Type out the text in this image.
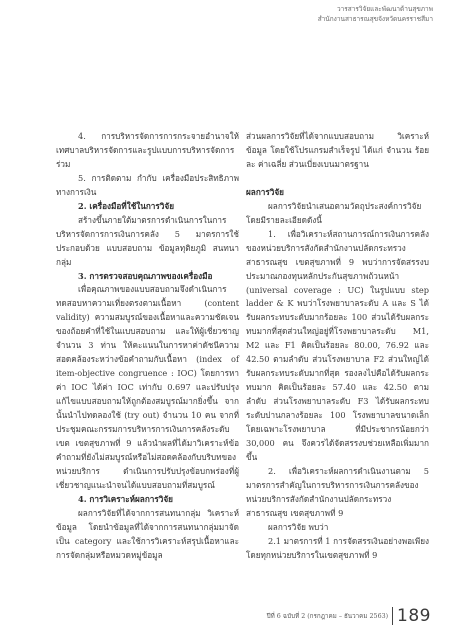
วารสารวิจัยและพัฒนาด้านสุขภาพ
สำนักงานสาธารณสุขจังหวัดนครราชสีมา

4. การบริหารจัดการการกระจายอำนาจให้เทศบาลบริหารจัดการและรูปแบบการบริหารจัดการร่วม

5. การติดตาม กำกับ เครื่องมือประสิทธิภาพทางการเงิน

2. เครื่องมือที่ใช้ในการวิจัย

สร้างขึ้นภายใต้มาตรการดำเนินการในการบริหารจัดการการเงินการคลัง 5 มาตรการใช้ประกอบด้วย แบบสอบถาม ข้อมูลทุติยภูมิ สนทนากลุ่ม

3. การตรวจสอบคุณภาพของเครื่องมือ

เพื่อคุณภาพของแบบสอบถามจึงดำเนินการทดสอบหาความเที่ยงตรงตามเนื้อหา (content validity) ความสมบูรณ์ของเนื้อหาและความชัดเจนของถ้อยคำที่ใช้ในแบบสอบถาม และให้ผู้เชี่ยวชาญจำนวน 3 ท่าน ให้คะแนนในการหาค่าดัชนีความสอดคล้องระหว่างข้อคำถามกับเนื้อหา (index of item-objective congruence : IOC) โดยการหาค่า IOC ได้ค่า IOC เท่ากับ 0.697 และปรับปรุงแก้ไขแบบสอบถามให้ถูกต้องสมบูรณ์มากยิ่งขึ้น จากนั้นนำไปทดลองใช้ (try out) จำนวน 10 คน จากที่ประชุมคณะกรรมการบริหารการเงินการคลังระดับเขต เขตสุขภาพที่ 9 แล้วนำผลที่ได้มาวิเคราะห์ข้อคำถามที่ยังไม่สมบูรณ์หรือไม่สอดคล้องกับบริบทของหน่วยบริการ ดำเนินการปรับปรุงข้อบกพร่องที่ผู้เชี่ยวชาญแนะนำจนได้แบบสอบถามที่สมบูรณ์

4. การวิเคราะห์ผลการวิจัย

ผลการวิจัยที่ได้จากการสนทนากลุ่ม วิเคราะห์ข้อมูล โดยนำข้อมูลที่ได้จากการสนทนากลุ่มมาจัดเป็น category และใช้การวิเคราะห์สรุปเนื้อหาและการจัดกลุ่มหรือหมวดหมู่ข้อมูล

ส่วนผลการวิจัยที่ได้จากแบบสอบถาม วิเคราะห์ข้อมูล โดยใช้โปรแกรมสำเร็จรูป ได้แก่ จำนวน ร้อยละ ค่าเฉลี่ย ส่วนเบี่ยงเบนมาตรฐาน

ผลการวิจัย

ผลการวิจัยนำเสนอตามวัตถุประสงค์การวิจัย โดยมีรายละเอียดดังนี้

1. เพื่อวิเคราะห์สถานการณ์การเงินการคลังของหน่วยบริการสังกัดสำนักงานปลัดกระทรวงสาธารณสุข เขตสุขภาพที่ 9 พบว่าการจัดสรรงบประมาณกองทุนหลักประกันสุขภาพถ้วนหน้า (universal coverage : UC) ในรูปแบบ step ladder & K พบว่าโรงพยาบาลระดับ A และ S ได้รับผลกระทบระดับมากร้อยละ 100 ส่วนได้รับผลกระทบมากที่สุดส่วนใหญ่อยู่ที่โรงพยาบาลระดับ M1, M2 และ F1 คิดเป็นร้อยละ 80.00, 76.92 และ 42.50 ตามลำดับ ส่วนโรงพยาบาล F2 ส่วนใหญ่ได้รับผลกระทบระดับมากที่สุด รองลงไปคือได้รับผลกระทบมาก คิดเป็นร้อยละ 57.40 และ 42.50 ตามลำดับ ส่วนโรงพยาบาลระดับ F3 ได้รับผลกระทบระดับปานกลางร้อยละ 100 โรงพยาบาลขนาดเล็กโดยเฉพาะโรงพยาบาล ที่มีประชากรน้อยกว่า 30,000 คน จึงควรได้จัดสรรงบช่วยเหลือเพิ่มมากขึ้น

2. เพื่อวิเคราะห์ผลการดำเนินงานตาม 5 มาตรการสำคัญในการบริหารการเงินการคลังของหน่วยบริการสังกัดสำนักงานปลัดกระทรวงสาธารณสุข เขตสุขภาพที่ 9

ผลการวิจัย พบว่า

2.1 มาตรการที่ 1 การจัดสรรเงินอย่างพอเพียง โดยทุกหน่วยบริการในเขตสุขภาพที่ 9

ปีที่ 6 ฉบับที่ 2 (กรกฎาคม – ธันวาคม 2563) 189
